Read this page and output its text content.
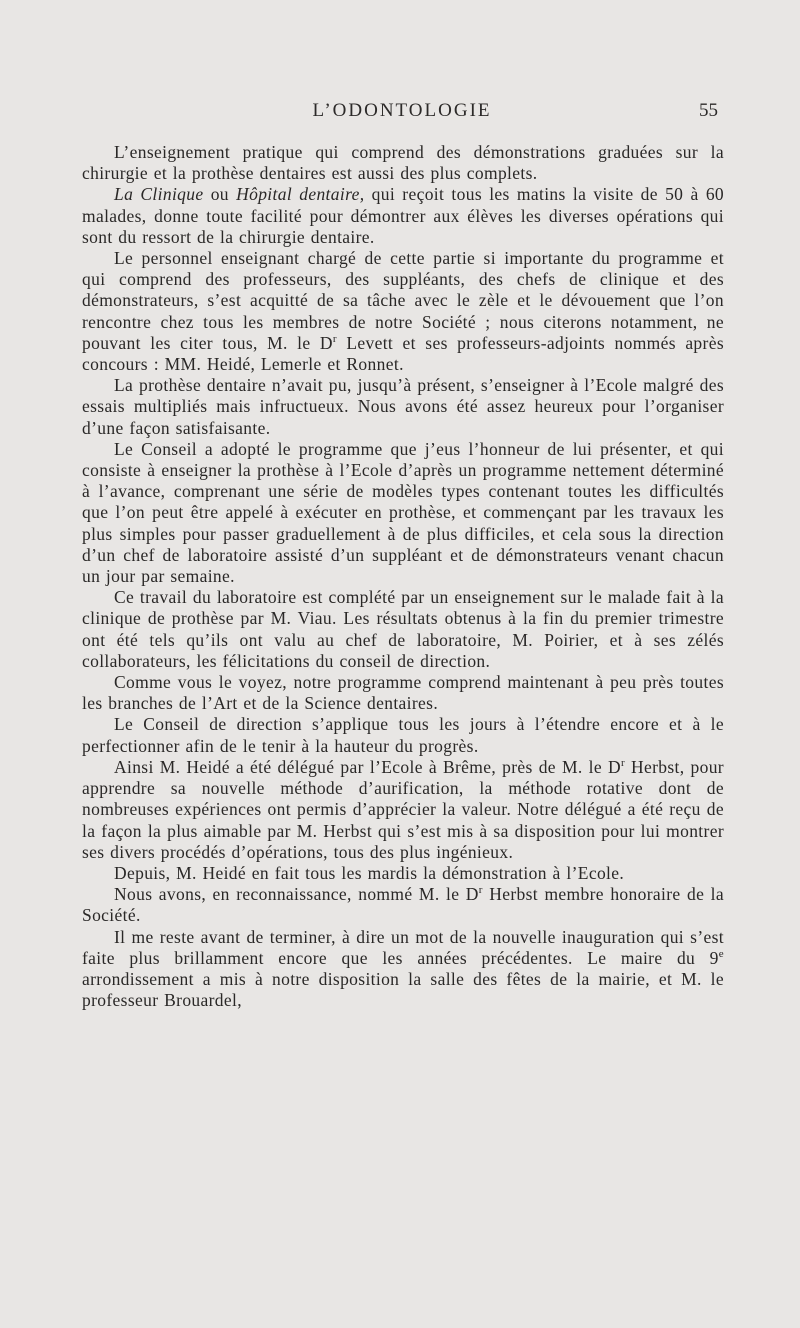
L’ODONTOLOGIE	55

L’enseignement pratique qui comprend des démonstrations graduées sur la chirurgie et la prothèse dentaires est aussi des plus complets.

La Clinique ou Hôpital dentaire, qui reçoit tous les matins la visite de 50 à 60 malades, donne toute facilité pour démontrer aux élèves les diverses opérations qui sont du ressort de la chirurgie dentaire.

Le personnel enseignant chargé de cette partie si importante du programme et qui comprend des professeurs, des suppléants, des chefs de clinique et des démonstrateurs, s’est acquitté de sa tâche avec le zèle et le dévouement que l’on rencontre chez tous les membres de notre Société ; nous citerons notamment, ne pouvant les citer tous, M. le $D^r$ Levett et ses professeurs-adjoints nommés après concours : MM. Heidé, Lemerle et Ronnet.

La prothèse dentaire n’avait pu, jusqu’à présent, s’enseigner à l’Ecole malgré des essais multipliés mais infructueux. Nous avons été assez heureux pour l’organiser d’une façon satisfaisante.

Le Conseil a adopté le programme que j’eus l’honneur de lui présenter, et qui consiste à enseigner la prothèse à l’Ecole d’après un programme nettement déterminé à l’avance, comprenant une série de modèles types contenant toutes les difficultés que l’on peut être appelé à exécuter en prothèse, et commençant par les travaux les plus simples pour passer graduellement à de plus difficiles, et cela sous la direction d’un chef de laboratoire assisté d’un suppléant et de démonstrateurs venant chacun un jour par semaine.

Ce travail du laboratoire est complété par un enseignement sur le malade fait à la clinique de prothèse par M. Viau. Les résultats obtenus à la fin du premier trimestre ont été tels qu’ils ont valu au chef de laboratoire, M. Poirier, et à ses zélés collaborateurs, les félicitations du conseil de direction.

Comme vous le voyez, notre programme comprend maintenant à peu près toutes les branches de l’Art et de la Science dentaires.

Le Conseil de direction s’applique tous les jours à l’étendre encore et à le perfectionner afin de le tenir à la hauteur du progrès.

Ainsi M. Heidé a été délégué par l’Ecole à Brême, près de M. le $D^r$ Herbst, pour apprendre sa nouvelle méthode d’aurification, la méthode rotative dont de nombreuses expériences ont permis d’apprécier la valeur. Notre délégué a été reçu de la façon la plus aimable par M. Herbst qui s’est mis à sa disposition pour lui montrer ses divers procédés d’opérations, tous des plus ingénieux.

Depuis, M. Heidé en fait tous les mardis la démonstration à l’Ecole.

Nous avons, en reconnaissance, nommé M. le $D^r$ Herbst membre honoraire de la Société.

Il me reste avant de terminer, à dire un mot de la nouvelle inauguration qui s’est faite plus brillamment encore que les années précédentes. Le maire du 9e arrondissement a mis à notre disposition la salle des fêtes de la mairie, et M. le professeur Brouardel,
